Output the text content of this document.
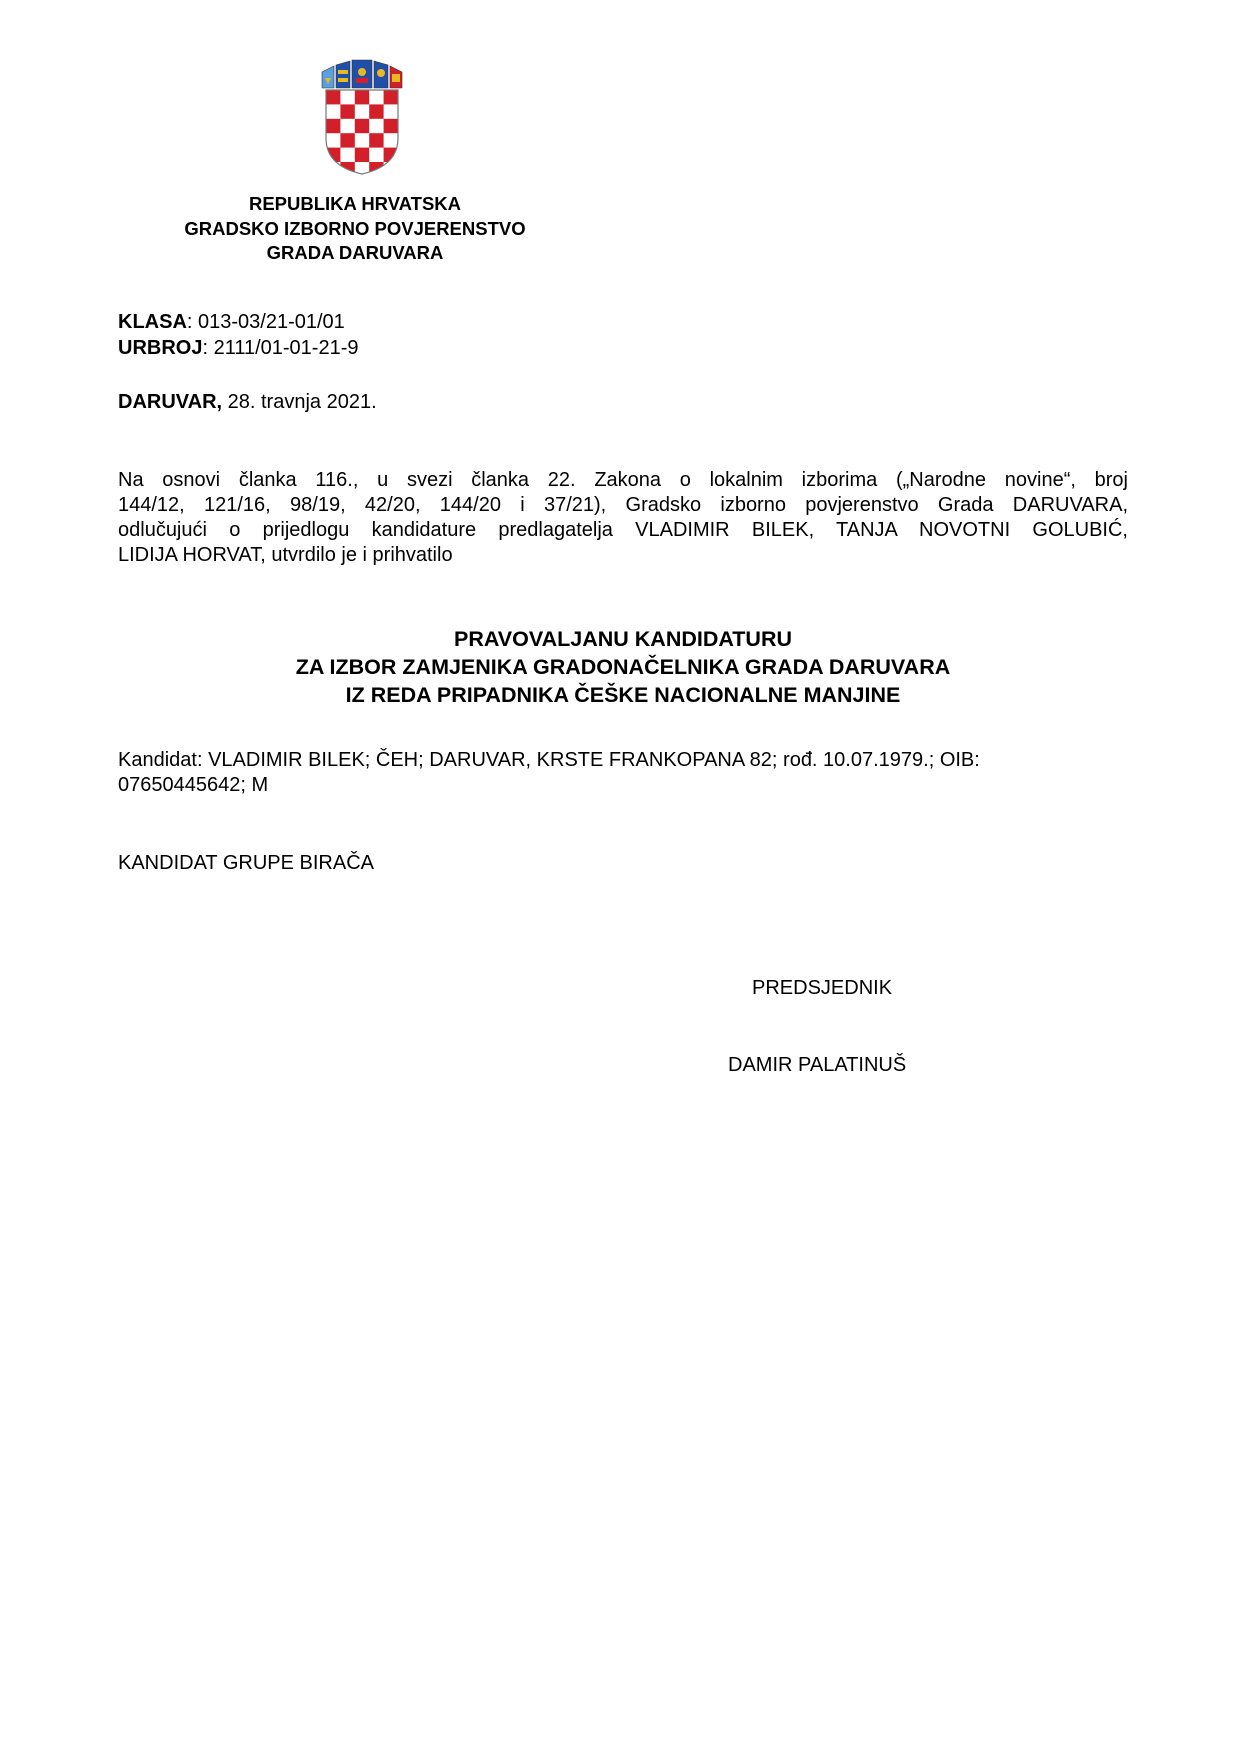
REPUBLIKA HRVATSKA
GRADSKO IZBORNO POVJERENSTVO
GRADA DARUVARA
KLASA: 013-03/21-01/01
URBROJ: 2111/01-01-21-9
DARUVAR, 28. travnja 2021.
Na osnovi članka 116., u svezi članka 22. Zakona o lokalnim izborima („Narodne novine“, broj
144/12, 121/16, 98/19, 42/20, 144/20 i 37/21), Gradsko izborno povjerenstvo Grada DARUVARA,
odlučujući o prijedlogu kandidature predlagatelja VLADIMIR BILEK, TANJA NOVOTNI GOLUBIĆ,
LIDIJA HORVAT, utvrdilo je i prihvatilo
PRAVOVALJANU KANDIDATURU
ZA IZBOR ZAMJENIKA GRADONAČELNIKA GRADA DARUVARA
IZ REDA PRIPADNIKA ČEŠKE NACIONALNE MANJINE
Kandidat: VLADIMIR BILEK; ČEH; DARUVAR, KRSTE FRANKOPANA 82; rođ. 10.07.1979.; OIB:
07650445642; M
KANDIDAT GRUPE BIRAČA
PREDSJEDNIK
DAMIR PALATINUŠ
